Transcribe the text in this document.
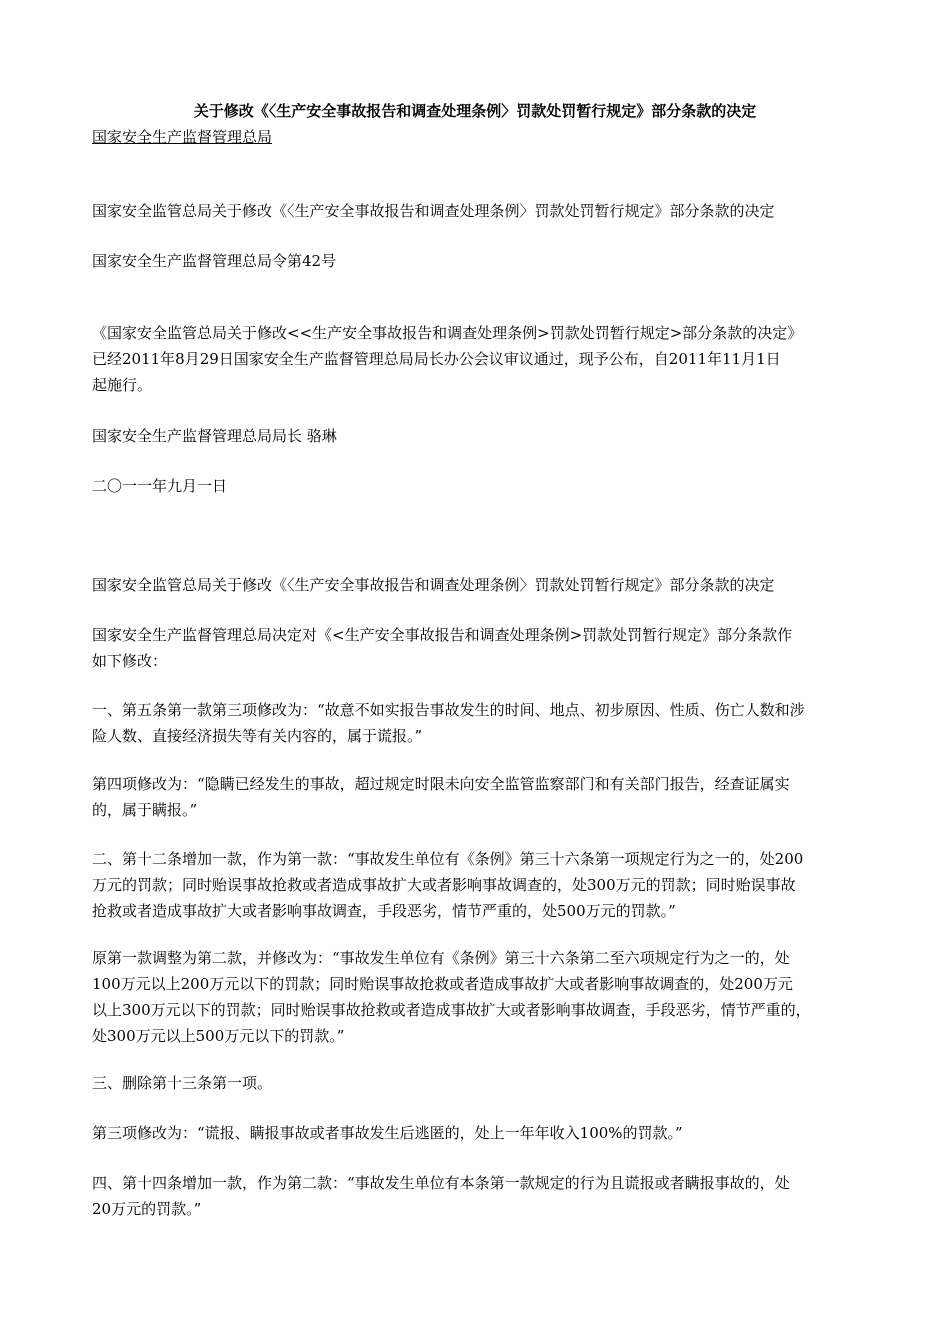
关于修改《〈生产安全事故报告和调查处理条例〉罚款处罚暂行规定》部分条款的决定
国家安全生产监督管理总局
国家安全监管总局关于修改《〈生产安全事故报告和调查处理条例〉罚款处罚暂行规定》部分条款的决定
国家安全生产监督管理总局令第42号
《国家安全监管总局关于修改<<生产安全事故报告和调查处理条例>罚款处罚暂行规定>部分条款的决定》
已经2011年8月29日国家安全生产监督管理总局局长办公会议审议通过，现予公布，自2011年11月1日
起施行。
国家安全生产监督管理总局局长 骆琳
二〇一一年九月一日
国家安全监管总局关于修改《〈生产安全事故报告和调查处理条例〉罚款处罚暂行规定》部分条款的决定
国家安全生产监督管理总局决定对《<生产安全事故报告和调查处理条例>罚款处罚暂行规定》部分条款作
如下修改：
一、第五条第一款第三项修改为：“故意不如实报告事故发生的时间、地点、初步原因、性质、伤亡人数和涉
险人数、直接经济损失等有关内容的，属于谎报。”
第四项修改为：“隐瞒已经发生的事故，超过规定时限未向安全监管监察部门和有关部门报告，经查证属实
的，属于瞒报。”
二、第十二条增加一款，作为第一款：“事故发生单位有《条例》第三十六条第一项规定行为之一的，处200
万元的罚款；同时贻误事故抢救或者造成事故扩大或者影响事故调查的，处300万元的罚款；同时贻误事故
抢救或者造成事故扩大或者影响事故调查，手段恶劣，情节严重的，处500万元的罚款。”
原第一款调整为第二款，并修改为：“事故发生单位有《条例》第三十六条第二至六项规定行为之一的，处
100万元以上200万元以下的罚款；同时贻误事故抢救或者造成事故扩大或者影响事故调查的，处200万元
以上300万元以下的罚款；同时贻误事故抢救或者造成事故扩大或者影响事故调查，手段恶劣，情节严重的，
处300万元以上500万元以下的罚款。”
三、删除第十三条第一项。
第三项修改为：“谎报、瞒报事故或者事故发生后逃匿的，处上一年年收入100%的罚款。”
四、第十四条增加一款，作为第二款：“事故发生单位有本条第一款规定的行为且谎报或者瞒报事故的，处
20万元的罚款。”
